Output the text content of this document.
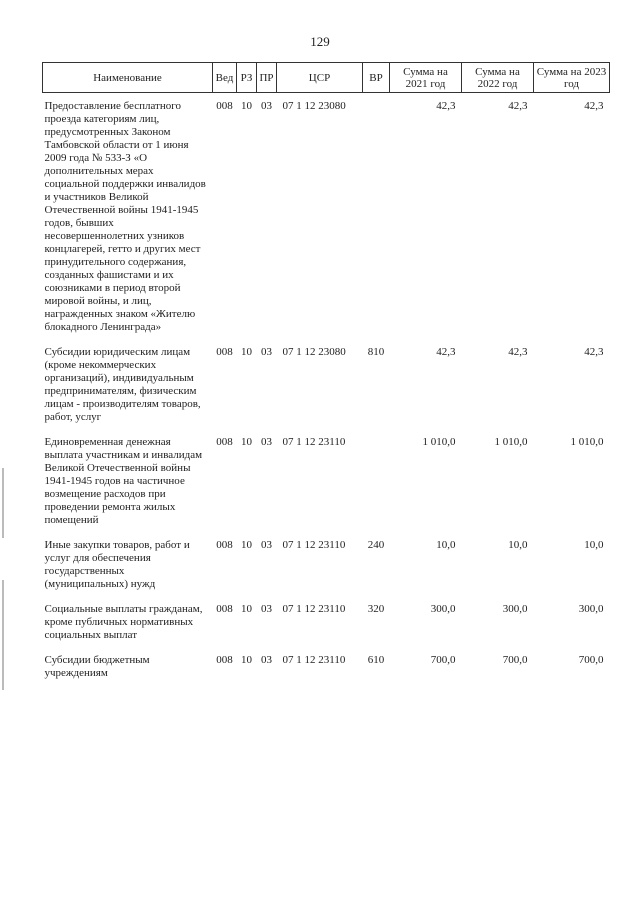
129
Наименование	Вед	РЗ	ПР	ЦСР	ВР	Сумма на 2021 год	Сумма на 2022 год	Сумма на 2023 год
Предоставление бесплатного проезда категориям лиц, предусмотренных Законом Тамбовской области от 1 июня 2009 года № 533-З «О дополнительных мерах социальной поддержки инвалидов и участников Великой Отечественной войны 1941-1945 годов, бывших несовершеннолетних узников концлагерей, гетто и других мест принудительного содержания, созданных фашистами и их союзниками в период второй мировой войны, и лиц, награжденных знаком «Жителю блокадного Ленинграда»	008	10	03	07 1 12 23080		42,3	42,3	42,3
Субсидии юридическим лицам (кроме некоммерческих организаций), индивидуальным предпринимателям, физическим лицам - производителям товаров, работ, услуг	008	10	03	07 1 12 23080	810	42,3	42,3	42,3
Единовременная денежная выплата участникам и инвалидам Великой Отечественной войны 1941-1945 годов на частичное возмещение расходов при проведении ремонта жилых помещений	008	10	03	07 1 12 23110		1 010,0	1 010,0	1 010,0
Иные закупки товаров, работ и услуг для обеспечения государственных (муниципальных) нужд	008	10	03	07 1 12 23110	240	10,0	10,0	10,0
Социальные выплаты гражданам, кроме публичных нормативных социальных выплат	008	10	03	07 1 12 23110	320	300,0	300,0	300,0
Субсидии бюджетным учреждениям	008	10	03	07 1 12 23110	610	700,0	700,0	700,0
